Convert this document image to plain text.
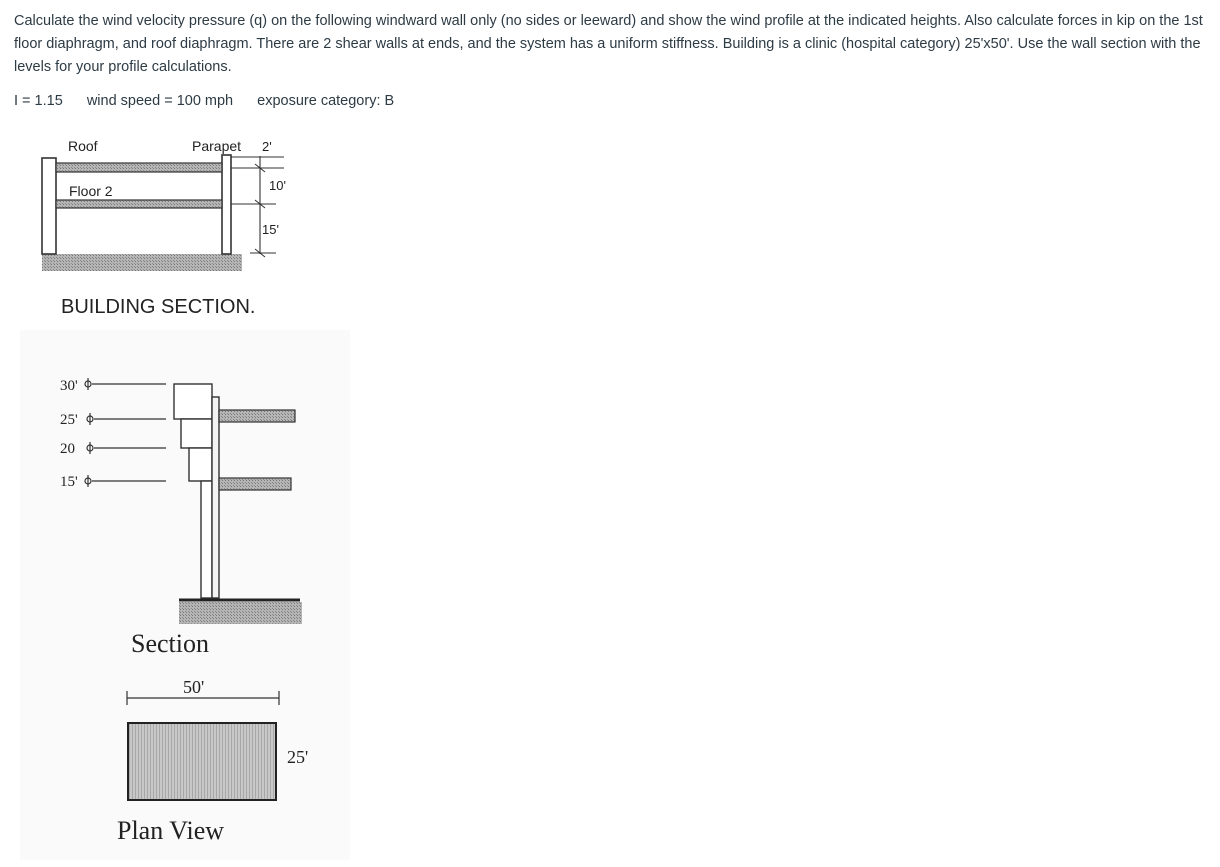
Calculate the wind velocity pressure (q) on the following windward wall only (no sides or leeward) and show the wind profile at the indicated heights. Also calculate forces in kip on the 1st floor diaphragm, and roof diaphragm. There are 2 shear walls at ends, and the system has a uniform stiffness. Building is a clinic (hospital category) 25'x50'. Use the wall section with the levels for your profile calculations.
I = 1.15 wind speed = 100 mph exposure category: B
Roof	Parapet 2'
Floor 2	10'
15'
BUILDING SECTION.
30'
25'
20
15'
Section
50'
25'
Plan View
